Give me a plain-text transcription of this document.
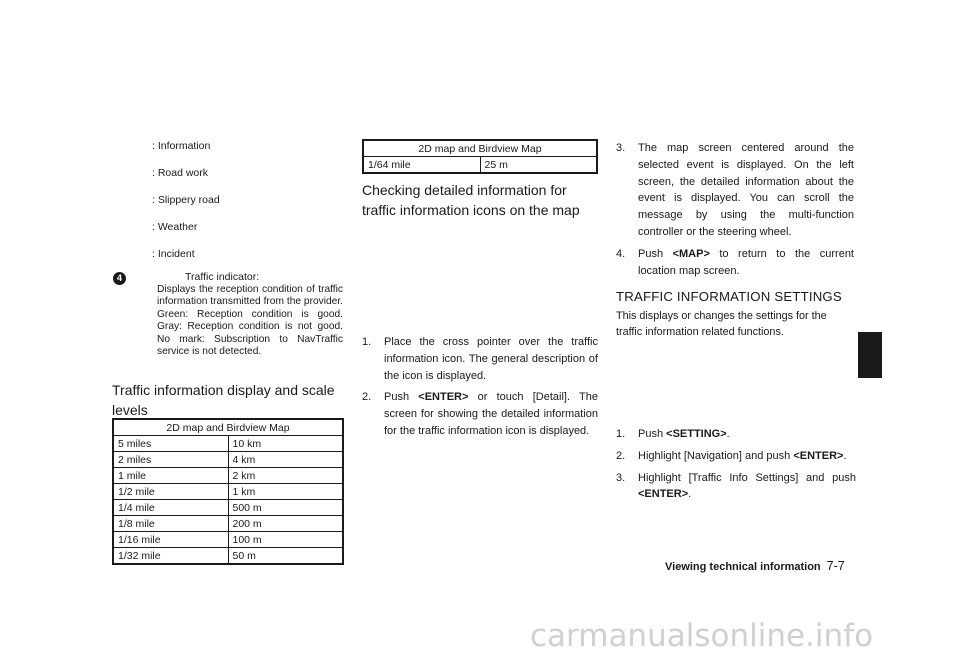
: Information
: Road work
: Slippery road
: Weather
: Incident
4	Traffic indicator:
Displays the reception condition of traffic information transmitted from the provider. Green: Reception condition is good. Gray: Reception condition is not good. No mark: Subscription to NavTraffic service is not detected.
Traffic information display and scale levels
2D map and Birdview Map	
5 miles	10 km
2 miles	4 km
1 mile	2 km
1/2 mile	1 km
1/4 mile	500 m
1/8 mile	200 m
1/16 mile	100 m
1/32 mile	50 m
2D map and Birdview Map
1/64 mile	25 m
Checking detailed information for traffic information icons on the map
1. Place the cross pointer over the traffic information icon. The general description of the icon is displayed.
2. Push <ENTER> or touch [Detail]. The screen for showing the detailed information for the traffic information icon is displayed.
3. The map screen centered around the selected event is displayed. On the left screen, the detailed information about the event is displayed. You can scroll the message by using the multi-function controller or the steering wheel.
4. Push <MAP> to return to the current location map screen.
TRAFFIC INFORMATION SETTINGS
This displays or changes the settings for the traffic information related functions.
1. Push <SETTING>.
2. Highlight [Navigation] and push <ENTER>.
3. Highlight [Traffic Info Settings] and push <ENTER>.
Viewing technical information 7-7
carmanualsonline.info
